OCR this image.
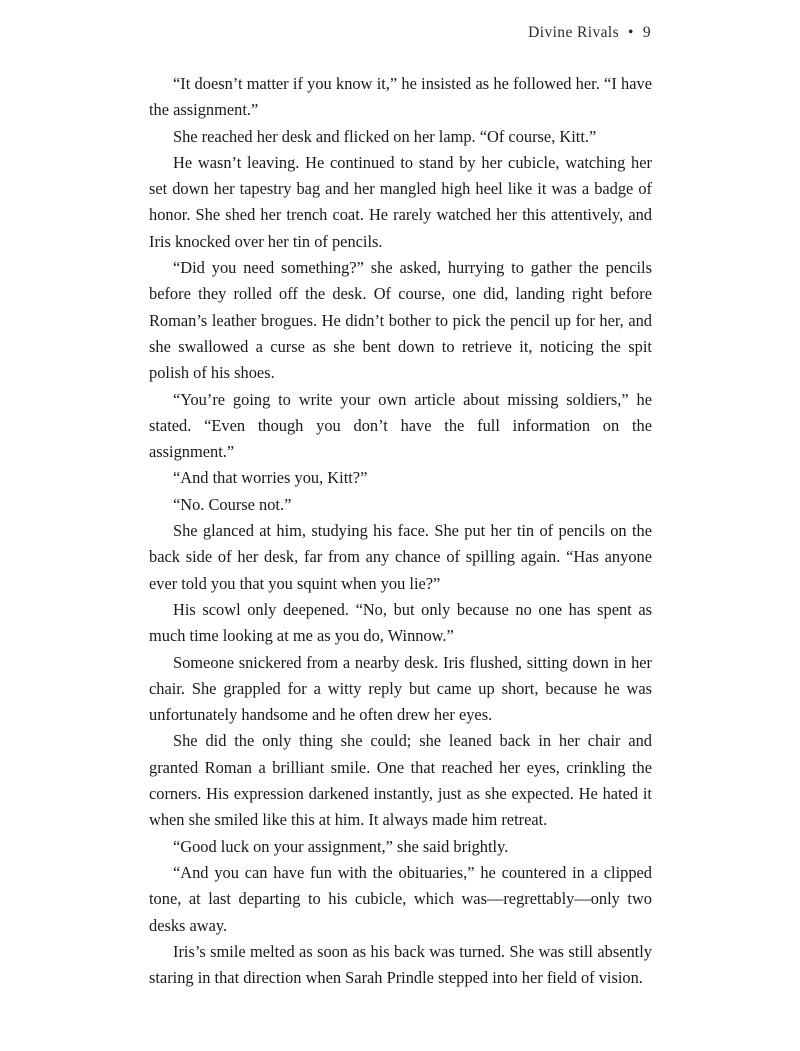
Divine Rivals • 9

“It doesn’t matter if you know it,” he insisted as he followed her. “I have the assignment.”

She reached her desk and flicked on her lamp. “Of course, Kitt.”

He wasn’t leaving. He continued to stand by her cubicle, watching her set down her tapestry bag and her mangled high heel like it was a badge of honor. She shed her trench coat. He rarely watched her this attentively, and Iris knocked over her tin of pencils.

“Did you need something?” she asked, hurrying to gather the pencils before they rolled off the desk. Of course, one did, landing right before Roman’s leather brogues. He didn’t bother to pick the pencil up for her, and she swallowed a curse as she bent down to retrieve it, noticing the spit polish of his shoes.

“You’re going to write your own article about missing soldiers,” he stated. “Even though you don’t have the full information on the assignment.”

“And that worries you, Kitt?”

“No. Course not.”

She glanced at him, studying his face. She put her tin of pencils on the back side of her desk, far from any chance of spilling again. “Has anyone ever told you that you squint when you lie?”

His scowl only deepened. “No, but only because no one has spent as much time looking at me as you do, Winnow.”

Someone snickered from a nearby desk. Iris flushed, sitting down in her chair. She grappled for a witty reply but came up short, because he was unfortunately handsome and he often drew her eyes.

She did the only thing she could; she leaned back in her chair and granted Roman a brilliant smile. One that reached her eyes, crinkling the corners. His expression darkened instantly, just as she expected. He hated it when she smiled like this at him. It always made him retreat.

“Good luck on your assignment,” she said brightly.

“And you can have fun with the obituaries,” he countered in a clipped tone, at last departing to his cubicle, which was—regrettably—only two desks away.

Iris’s smile melted as soon as his back was turned. She was still absently staring in that direction when Sarah Prindle stepped into her field of vision.
